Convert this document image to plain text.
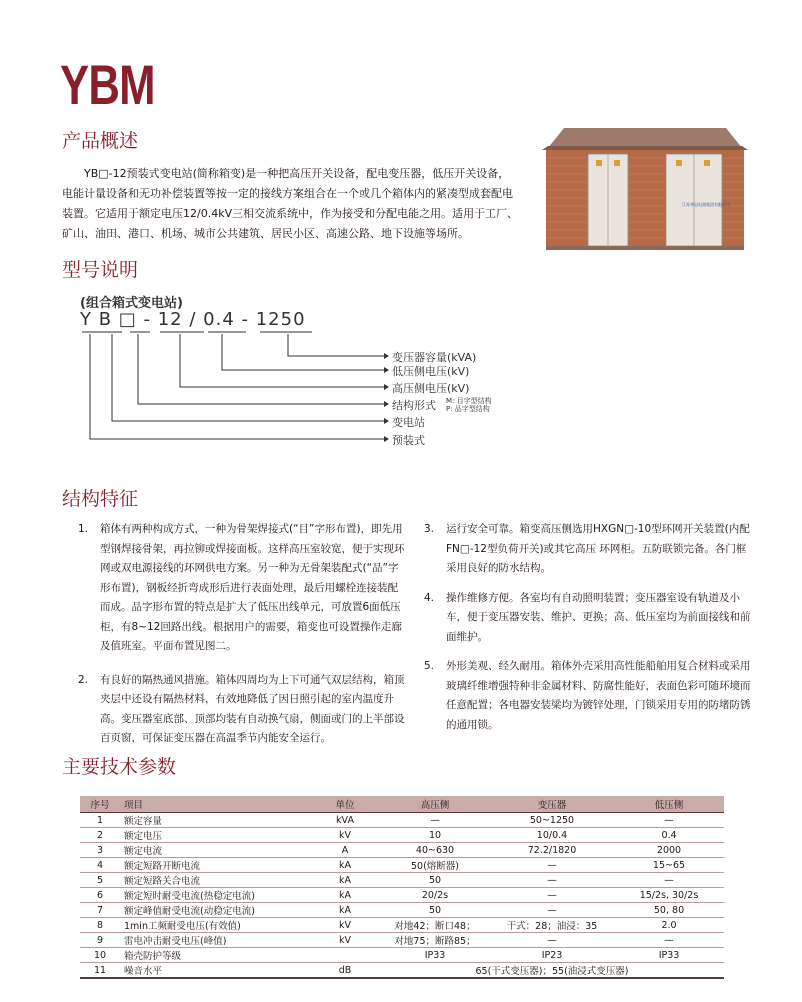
YBM
产品概述
YB□-12预装式变电站(简称箱变)是一种把高压开关设备，配电变压器，低压开关设备，电能计量设备和无功补偿装置等按一定的接线方案组合在一个或几个箱体内的紧凑型成套配电装置。它适用于额定电压12/0.4kV三相交流系统中，作为接受和分配电能之用。适用于工厂、矿山、油田、港口、机场、城市公共建筑、居民小区、高速公路、地下设施等场所。
江苏华冠电器集团有限公司
型号说明
(组合箱式变电站)
Y B □ - 12 / 0.4 - 1250
变压器容量(kVA)
低压侧电压(kV)
高压侧电压(kV)
结构形式 M: 目字型结构
P: 品字型结构
变电站
预装式
结构特征
1. 箱体有两种构成方式，一种为骨架焊接式(“目”字形布置)，即先用型钢焊接骨架，再拉铆或焊接面板。这样高压室较宽，便于实现环网或双电源接线的环网供电方案。另一种为无骨架装配式(“品”字形布置)，钢板经折弯成形后进行表面处理，最后用螺栓连接装配而成。品字形布置的特点是扩大了低压出线单元，可放置6面低压柜，有8~12回路出线。根据用户的需要，箱变也可设置操作走廊及值班室。平面布置见图二。
2. 有良好的隔热通风措施。箱体四周均为上下可通气双层结构，箱顶夹层中还设有隔热材料，有效地降低了因日照引起的室内温度升高。变压器室底部、顶部均装有自动换气扇，侧面或门的上半部设百页窗，可保证变压器在高温季节内能安全运行。
3. 运行安全可靠。箱变高压侧选用HXGN□-10型环网开关装置(内配FN□-12型负荷开关)或其它高压 环网柜。五防联锁完备。各门框采用良好的防水结构。
4. 操作维修方便。各室均有自动照明装置；变压器室设有轨道及小车，便于变压器安装、维护、更换；高、低压室均为前面接线和前面维护。
5. 外形美观、经久耐用。箱体外壳采用高性能船舶用复合材料或采用玻璃纤维增强特种非金属材料、防腐性能好，表面色彩可随环境而任意配置；各电器安装梁均为镀锌处理，门锁采用专用的防堵防锈的通用锁。
主要技术参数
序号	项目	单位	高压侧	变压器	低压侧
1	额定容量	kVA	—	50~1250	—
2	额定电压	kV	10	10/0.4	0.4
3	额定电流	A	40~630	72.2/1820	2000
4	额定短路开断电流	kA	50(熔断器)	—	15~65
5	额定短路关合电流	kA	50	—	—
6	额定短时耐受电流(热稳定电流)	kA	20/2s	—	15/2s, 30/2s
7	额定峰值耐受电流(动稳定电流)	kA	50	—	50, 80
8	1min工频耐受电压(有效值)	kV	对地42；断口48；	干式：28；油浸：35	2.0
9	雷电冲击耐受电压(峰值)	kV	对地75；断路85；	—	—
10	箱壳防护等级		IP33	IP23	IP33
11	噪音水平	dB	65(干式变压器)；55(油浸式变压器)		
